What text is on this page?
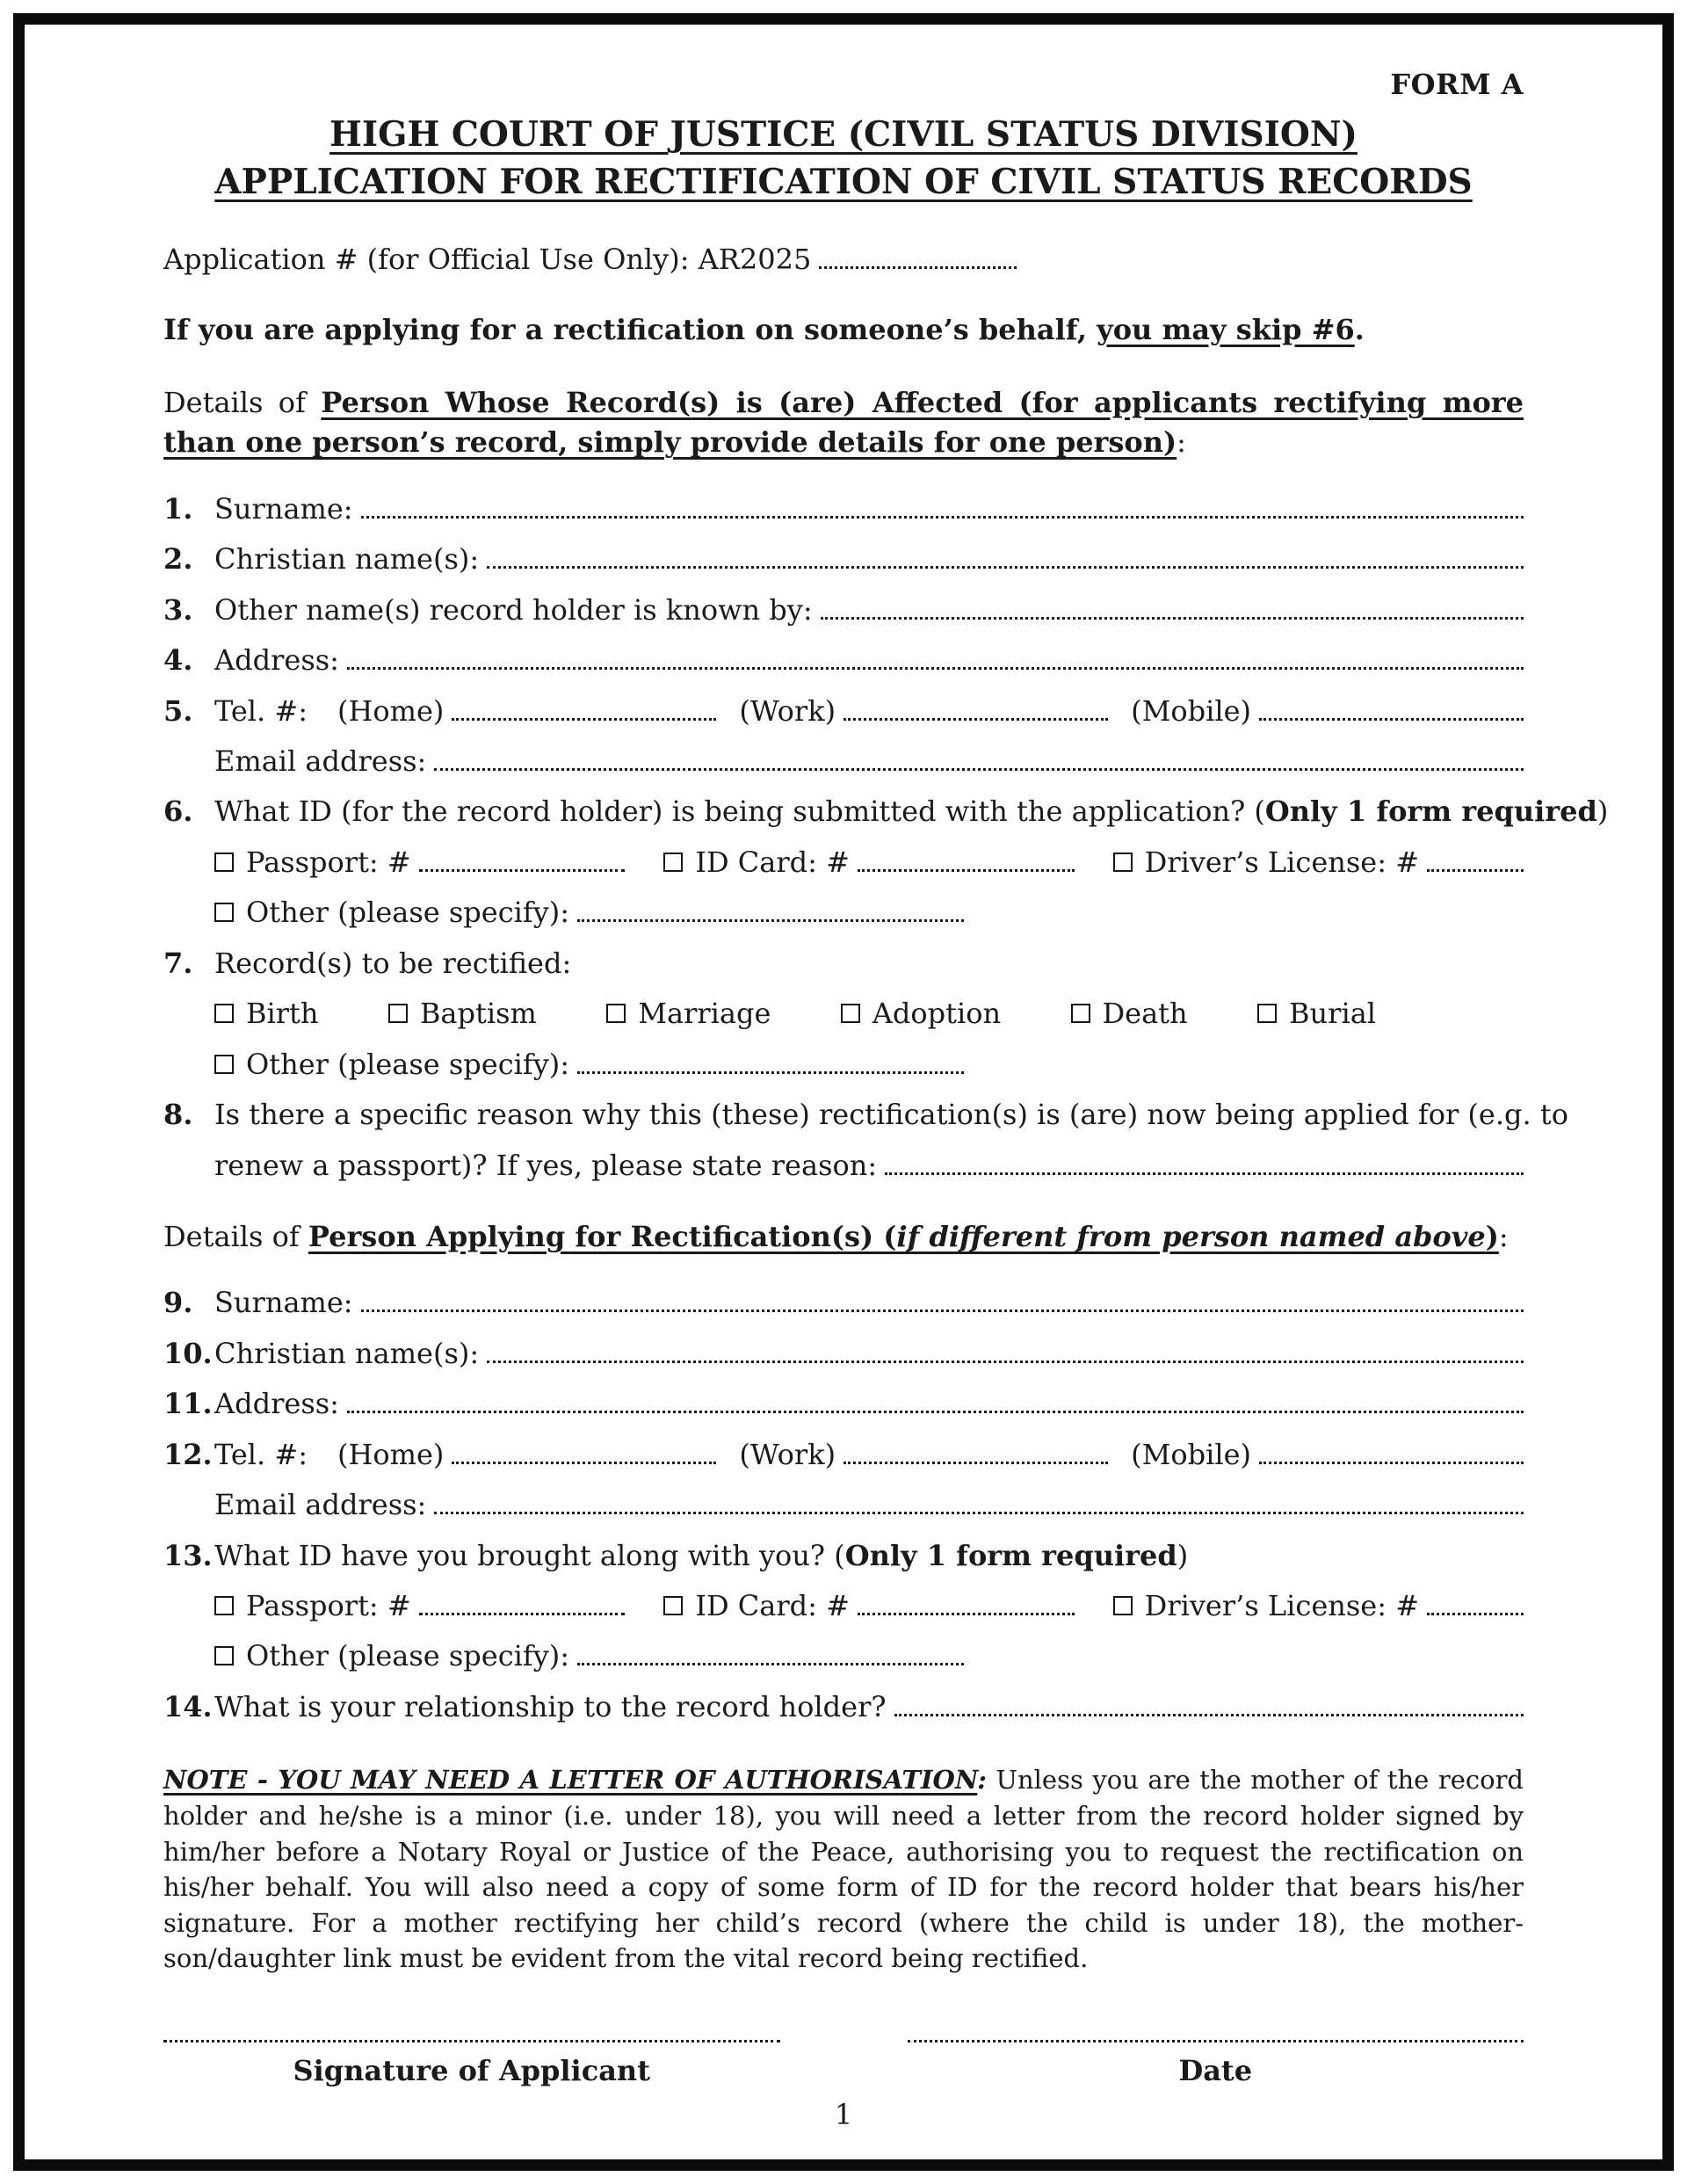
FORM A
HIGH COURT OF JUSTICE (CIVIL STATUS DIVISION)
APPLICATION FOR RECTIFICATION OF CIVIL STATUS RECORDS
Application # (for Official Use Only): AR2025

If you are applying for a rectification on someone’s behalf, you may skip #6.

Details of Person Whose Record(s) is (are) Affected (for applicants rectifying more than one person’s record, simply provide details for one person):

1. Surname:
2. Christian name(s):
3. Other name(s) record holder is known by:
4. Address:
5. Tel. #: (Home)	(Work)	(Mobile)
Email address:
6. What ID (for the record holder) is being submitted with the application? (Only 1 form required)
Passport: #	ID Card: #	Driver’s License: #
Other (please specify):
7. Record(s) to be rectified:
Birth	Baptism	Marriage	Adoption	Death	Burial
Other (please specify):
8. Is there a specific reason why this (these) rectification(s) is (are) now being applied for (e.g. to
renew a passport)? If yes, please state reason:

Details of Person Applying for Rectification(s) (if different from person named above):

9. Surname:
10. Christian name(s):
11. Address:
12. Tel. #: (Home)	(Work)	(Mobile)
Email address:
13. What ID have you brought along with you? (Only 1 form required)
Passport: #	ID Card: #	Driver’s License: #
Other (please specify):
14. What is your relationship to the record holder?

NOTE - YOU MAY NEED A LETTER OF AUTHORISATION: Unless you are the mother of the record holder and he/she is a minor (i.e. under 18), you will need a letter from the record holder signed by him/her before a Notary Royal or Justice of the Peace, authorising you to request the rectification on his/her behalf. You will also need a copy of some form of ID for the record holder that bears his/her signature. For a mother rectifying her child’s record (where the child is under 18), the mother-son/daughter link must be evident from the vital record being rectified.

Signature of Applicant	Date
1
